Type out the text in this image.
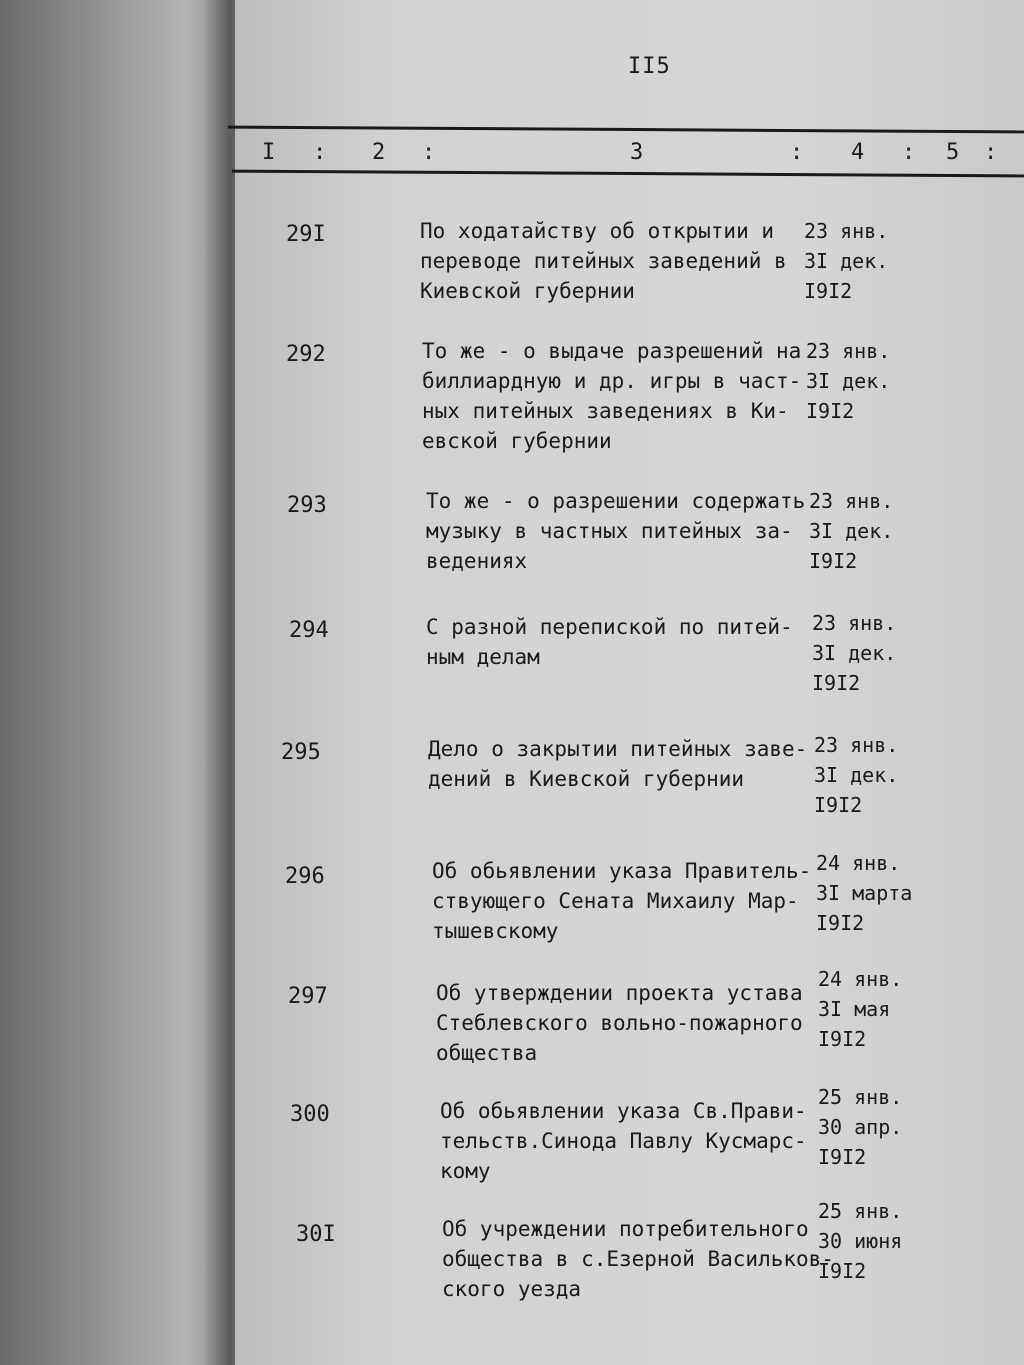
II5
I : 2 :	3	: 4 : 5 :
29I	По ходатайству об открытии и
переводе питейных заведений в
Киевской губернии
23 янв.
3I дек.
I9I2
292	То же - о выдаче разрешений на
биллиардную и др. игры в част-
ных питейных заведениях в Ки-
евской губернии
23 янв.
3I дек.
I9I2
293	То же - о разрешении содержать
музыку в частных питейных за-
ведениях
23 янв.
3I дек.
I9I2
294	С разной перепиской по питей-
ным делам
23 янв.
3I дек.
I9I2
295	Дело о закрытии питейных заве-
дений в Киевской губернии
23 янв.
3I дек.
I9I2
296	Об обьявлении указа Правитель-
ствующего Сената Михаилу Мар-
тышевскому
24 янв.
3I марта
I9I2
297	Об утверждении проекта устава
Стеблевского вольно-пожарного
общества
24 янв.
3I мая
I9I2
300	Об обьявлении указа Св.Прави-
тельств.Синода Павлу Кусмарс-
кому
25 янв.
30 апр.
I9I2
30I	Об учреждении потребительного
общества в с.Езерной Васильков-
ского уезда
25 янв.
30 июня
I9I2
